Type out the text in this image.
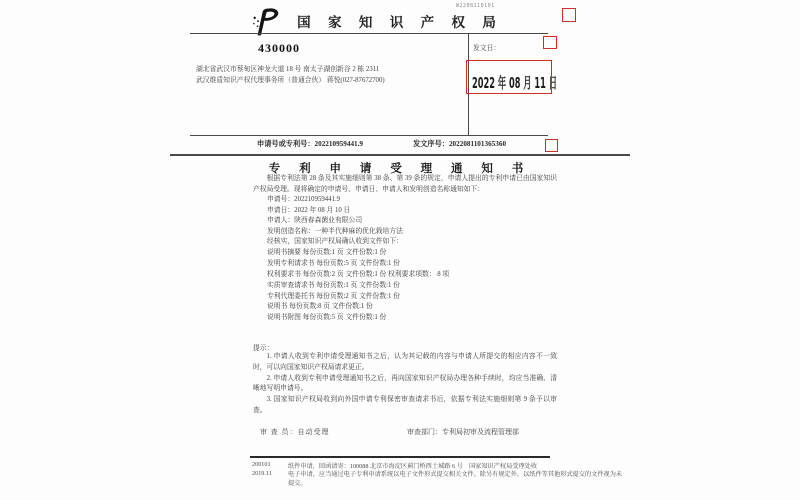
W2208110101
国 家 知 识 产 权 局
430000
湖北省武汉市蔡甸区神龙大道 18 号 南太子湖创新谷 2 栋 2311
武汉维盾知识产权代理事务所（普通合伙） 蒋悦(027-87672700)
发文日：
2022 年 08 月 11 日
申请号或专利号：202210959441.9	发文序号：2022081101365360
专 利 申 请 受 理 通 知 书
根据专利法第 28 条及其实施细则第 38 条、第 39 条的规定，申请人提出的专利申请已由国家知识产权局受理。现将确定的申请号、申请日、申请人和发明创造名称通知如下：
申请号：202210959441.9
申请日：2022 年 08 月 10 日
申请人：陕西春森菌业有限公司
发明创造名称：一种半代种麻的优化栽培方法
经核实，国家知识产权局确认收到文件如下：
说明书摘要 每份页数:1 页 文件份数:1 份
发明专利请求书 每份页数:5 页 文件份数:1 份
权利要求书 每份页数:2 页 文件份数:1 份 权利要求项数： 8 项
实质审查请求书 每份页数:1 页 文件份数:1 份
专利代理委托书 每份页数:2 页 文件份数:1 份
说明书 每份页数:8 页 文件份数:1 份
说明书附图 每份页数:5 页 文件份数:1 份
提示：

1. 申请人收到专利申请受理通知书之后，认为其记载的内容与申请人所提交的相应内容不一致时，可以向国家知识产权局请求更正。

2. 申请人收到专利申请受理通知书之后，再向国家知识产权局办理各种手续时，均应当准确、清晰地写明申请号。

3. 国家知识产权局收到向外国申请专利保密审查请求书后，依据专利法实施细则第 9 条予以审查。

审 查 员：自动受理	审查部门：专利局初审及流程管理部
200101
2019.11
纸件申请，回函请寄：100088 北京市海淀区蓟门桥西土城路 6 号　国家知识产权局受理处收
电子申请，应当通过电子专利申请系统以电子文件形式提交相关文件。除另有规定外，以纸件等其他形式提交的文件视为未提交。
